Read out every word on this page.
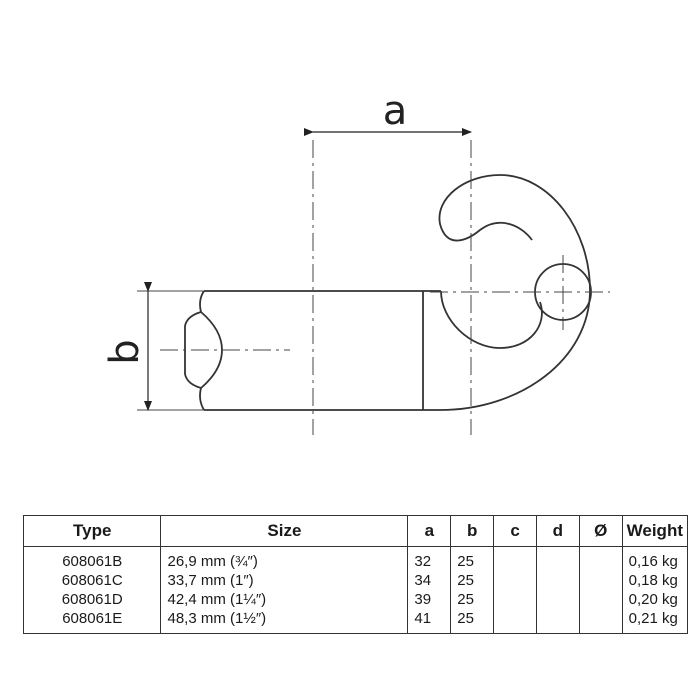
a
b
Type	Size	a	b	c	d	Ø	Weight
608061B	26,9 mm (¾″)	32	25				0,16 kg
608061C	33,7 mm (1″)	34	25				0,18 kg
608061D	42,4 mm (1¼″)	39	25				0,20 kg
608061E	48,3 mm (1½″)	41	25				0,21 kg
